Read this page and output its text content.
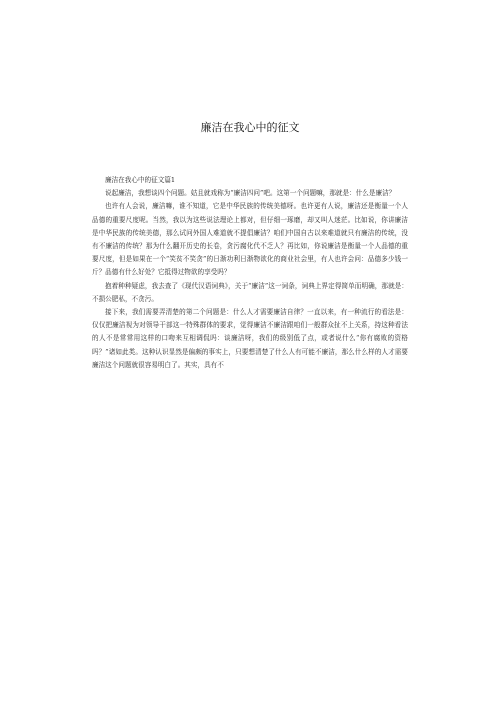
廉洁在我心中的征文

廉洁在我心中的征文篇1

说起廉洁，我想谈四个问题。姑且就戏称为“廉洁四问”吧。这第一个问题嘛，那就是：什么是廉洁？

也许有人会说，廉洁嘛，谁不知道，它是中华民族的传统美德呀。也许更有人说，廉洁还是衡量一个人品德的重要尺度呢。当然，我以为这些说法理论上都对，但仔细一琢磨，却又叫人迷茫。比如说，你讲廉洁是中华民族的传统美德，那么试问外国人难道就不提倡廉洁？咱们中国自古以来难道就只有廉洁的传统，没有不廉洁的传统？那为什么翻开历史的长卷，贪污腐化代不乏人？再比如，你说廉洁是衡量一个人品德的重要尺度，但是如果在一个“笑贫不笑贪”的日渐功利日渐物欲化的商业社会里，有人也许会问：品德多少钱一斤？品德有什么好处？它抵得过物欲的享受吗？

抱着种种疑虑，我去查了《现代汉语词典》，关于“廉洁”这一词条，词典上界定得简单而明确，那就是：不损公肥私，不贪污。

接下来，我们需要弄清楚的第二个问题是：什么人才需要廉洁自律？一直以来，有一种流行的看法是：仅仅把廉洁视为对领导干部这一特殊群体的要求，觉得廉洁不廉洁跟咱们一般群众扯不上关系，持这种看法的人不是常常用这样的口吻来互相调侃吗：谈廉洁呀，我们的级别低了点，或者说什么“你有腐败的资格吗？”诸如此类。这种认识显然是偏颇的事实上，只要想清楚了什么人有可能不廉洁，那么什么样的人才需要廉洁这个问题就很容易明白了。其实，具有不
